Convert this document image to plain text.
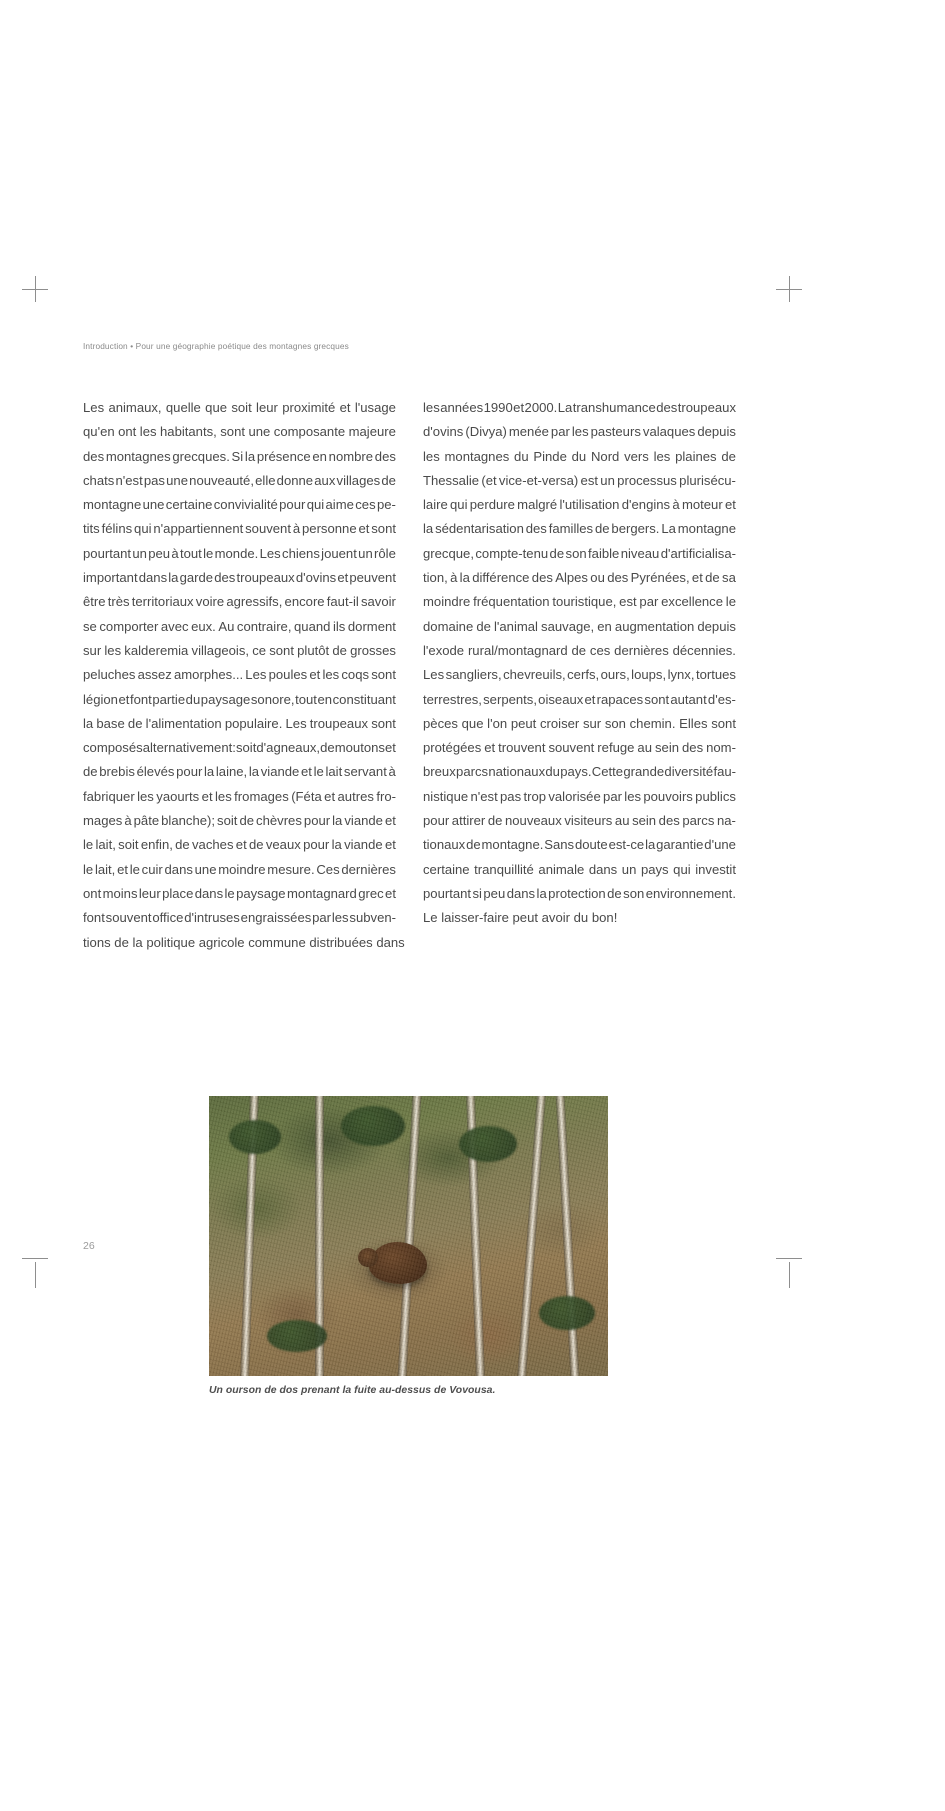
Introduction • Pour une géographie poétique des montagnes grecques

Les animaux, quelle que soit leur proximité et l'usage
qu'en ont les habitants, sont une composante majeure
des montagnes grecques. Si la présence en nombre des
chats n'est pas une nouveauté, elle donne aux villages de
montagne une certaine convivialité pour qui aime ces pe-
tits félins qui n'appartiennent souvent à personne et sont
pourtant un peu à tout le monde. Les chiens jouent un rôle
important dans la garde des troupeaux d'ovins et peuvent
être très territoriaux voire agressifs, encore faut-il savoir
se comporter avec eux. Au contraire, quand ils dorment
sur les kalderemia villageois, ce sont plutôt de grosses
peluches assez amorphes... Les poules et les coqs sont
légion et font partie du paysage sonore, tout en constituant
la base de l'alimentation populaire. Les troupeaux sont
composés alternativement: soit d'agneaux, de moutons et
de brebis élevés pour la laine, la viande et le lait servant à
fabriquer les yaourts et les fromages (Féta et autres fro-
mages à pâte blanche); soit de chèvres pour la viande et
le lait, soit enfin, de vaches et de veaux pour la viande et
le lait, et le cuir dans une moindre mesure. Ces dernières
ont moins leur place dans le paysage montagnard grec et
font souvent office d'intruses engraissées par les subven-
tions de la politique agricole commune distribuées dans

les années 1990 et 2000. La transhumance des troupeaux
d'ovins (Divya) menée par les pasteurs valaques depuis
les montagnes du Pinde du Nord vers les plaines de
Thessalie (et vice-et-versa) est un processus plurisécu-
laire qui perdure malgré l'utilisation d'engins à moteur et
la sédentarisation des familles de bergers. La montagne
grecque, compte-tenu de son faible niveau d'artificialisa-
tion, à la différence des Alpes ou des Pyrénées, et de sa
moindre fréquentation touristique, est par excellence le
domaine de l'animal sauvage, en augmentation depuis
l'exode rural/montagnard de ces dernières décennies.
Les sangliers, chevreuils, cerfs, ours, loups, lynx, tortues
terrestres, serpents, oiseaux et rapaces sont autant d'es-
pèces que l'on peut croiser sur son chemin. Elles sont
protégées et trouvent souvent refuge au sein des nom-
breux parcs nationaux du pays. Cette grande diversité fau-
nistique n'est pas trop valorisée par les pouvoirs publics
pour attirer de nouveaux visiteurs au sein des parcs na-
tionaux de montagne. Sans doute est-ce la garantie d'une
certaine tranquillité animale dans un pays qui investit
pourtant si peu dans la protection de son environnement.
Le laisser-faire peut avoir du bon!

Un ourson de dos prenant la fuite au-dessus de Vovousa.
26
